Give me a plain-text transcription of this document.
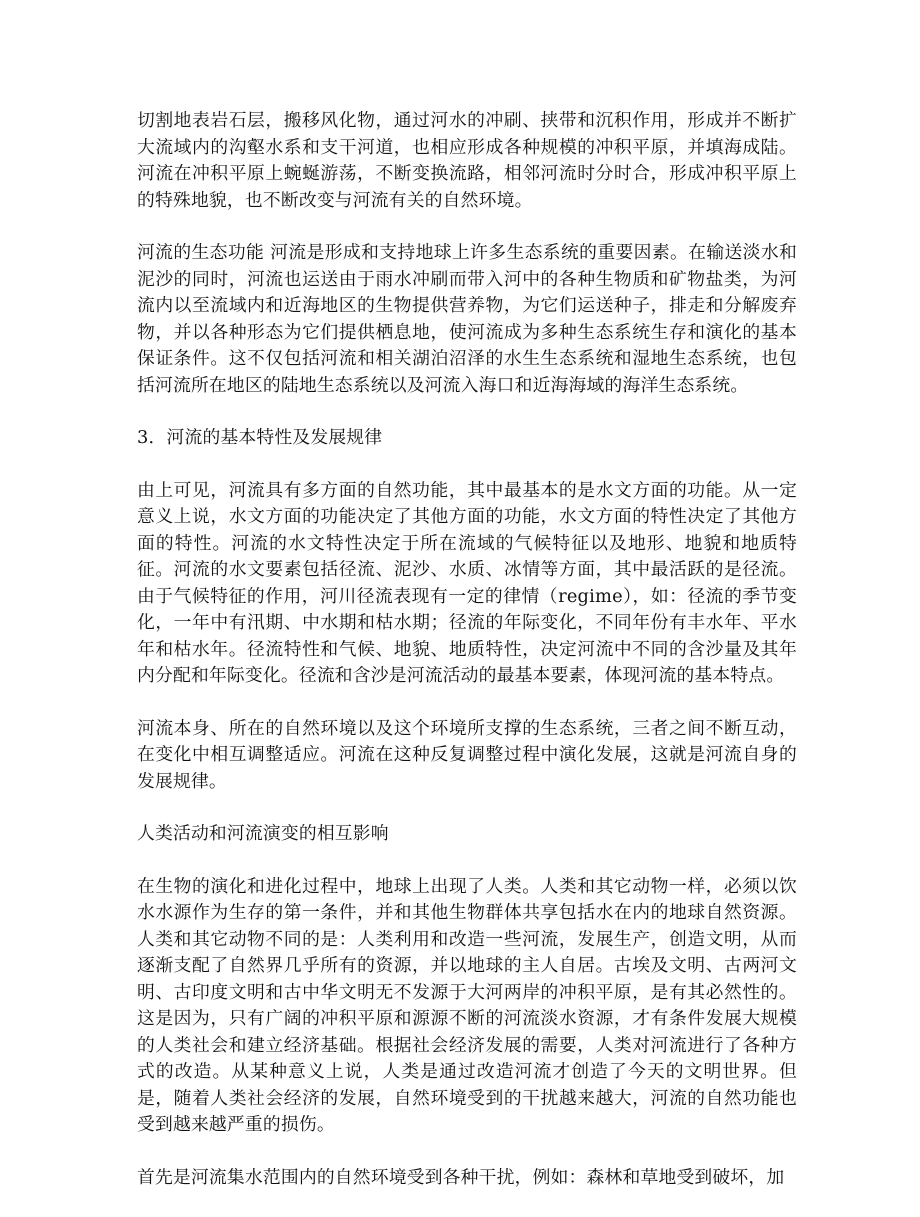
切割地表岩石层，搬移风化物，通过河水的冲刷、挟带和沉积作用，形成并不断扩大流域内的沟壑水系和支干河道，也相应形成各种规模的冲积平原，并填海成陆。河流在冲积平原上蜿蜒游荡，不断变换流路，相邻河流时分时合，形成冲积平原上的特殊地貌，也不断改变与河流有关的自然环境。

河流的生态功能 河流是形成和支持地球上许多生态系统的重要因素。在输送淡水和泥沙的同时，河流也运送由于雨水冲刷而带入河中的各种生物质和矿物盐类，为河流内以至流域内和近海地区的生物提供营养物，为它们运送种子，排走和分解废弃物，并以各种形态为它们提供栖息地，使河流成为多种生态系统生存和演化的基本保证条件。这不仅包括河流和相关湖泊沼泽的水生生态系统和湿地生态系统，也包括河流所在地区的陆地生态系统以及河流入海口和近海海域的海洋生态系统。

3．河流的基本特性及发展规律

由上可见，河流具有多方面的自然功能，其中最基本的是水文方面的功能。从一定意义上说，水文方面的功能决定了其他方面的功能，水文方面的特性决定了其他方面的特性。河流的水文特性决定于所在流域的气候特征以及地形、地貌和地质特征。河流的水文要素包括径流、泥沙、水质、冰情等方面，其中最活跃的是径流。由于气候特征的作用，河川径流表现有一定的律情（regime），如：径流的季节变化，一年中有汛期、中水期和枯水期；径流的年际变化，不同年份有丰水年、平水年和枯水年。径流特性和气候、地貌、地质特性，决定河流中不同的含沙量及其年内分配和年际变化。径流和含沙是河流活动的最基本要素，体现河流的基本特点。

河流本身、所在的自然环境以及这个环境所支撑的生态系统，三者之间不断互动，在变化中相互调整适应。河流在这种反复调整过程中演化发展，这就是河流自身的发展规律。

人类活动和河流演变的相互影响

在生物的演化和进化过程中，地球上出现了人类。人类和其它动物一样，必须以饮水水源作为生存的第一条件，并和其他生物群体共享包括水在内的地球自然资源。人类和其它动物不同的是：人类利用和改造一些河流，发展生产，创造文明，从而逐渐支配了自然界几乎所有的资源，并以地球的主人自居。古埃及文明、古两河文明、古印度文明和古中华文明无不发源于大河两岸的冲积平原，是有其必然性的。这是因为，只有广阔的冲积平原和源源不断的河流淡水资源，才有条件发展大规模的人类社会和建立经济基础。根据社会经济发展的需要，人类对河流进行了各种方式的改造。从某种意义上说，人类是通过改造河流才创造了今天的文明世界。但是，随着人类社会经济的发展，自然环境受到的干扰越来越大，河流的自然功能也受到越来越严重的损伤。

首先是河流集水范围内的自然环境受到各种干扰，例如：森林和草地受到破坏，加
